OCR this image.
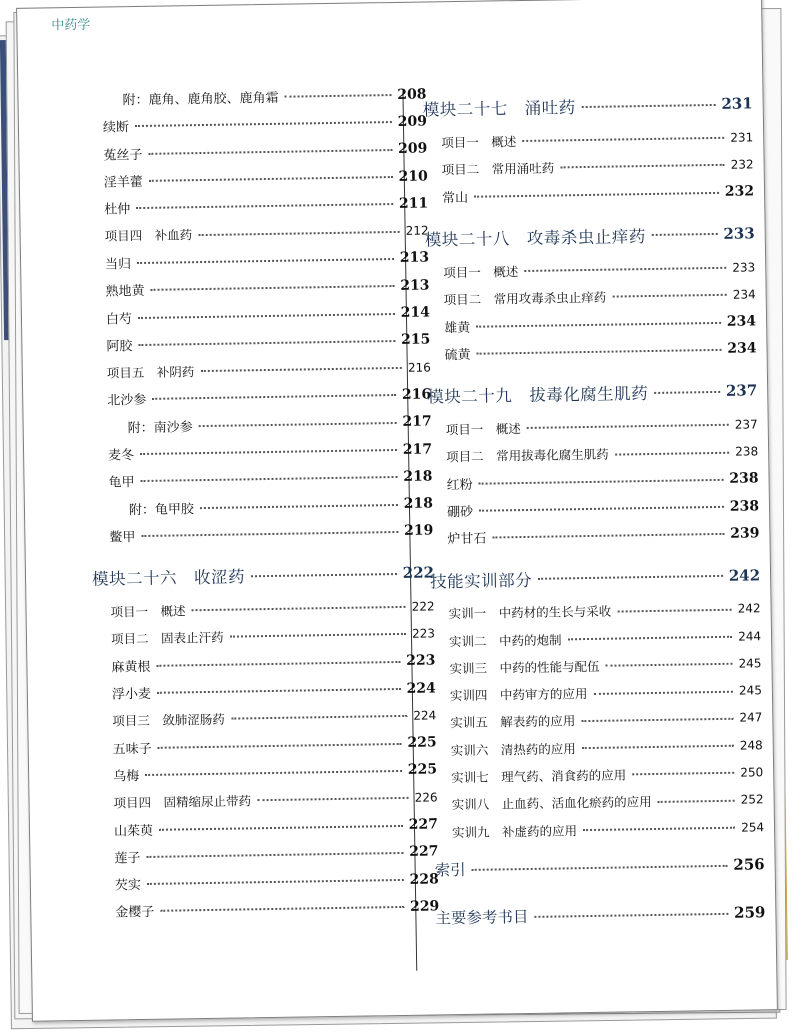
中药学
附：鹿角、鹿角胶、鹿角霜	208
续断	209
菟丝子	209
淫羊藿	210
杜仲	211
项目四　补血药	212
当归	213
熟地黄	213
白芍	214
阿胶	215
项目五　补阴药	216
北沙参	216
附：南沙参	217
麦冬	217
龟甲	218
附：龟甲胶	218
鳖甲	219
模块二十六　收涩药	222
项目一　概述	222
项目二　固表止汗药	223
麻黄根	223
浮小麦	224
项目三　敛肺涩肠药	224
五味子	225
乌梅	225
项目四　固精缩尿止带药	226
山茱萸	227
莲子	227
芡实	228
金樱子	229
模块二十七　涌吐药	231
项目一　概述	231
项目二　常用涌吐药	232
常山	232
模块二十八　攻毒杀虫止痒药	233
项目一　概述	233
项目二　常用攻毒杀虫止痒药	234
雄黄	234
硫黄	234
模块二十九　拔毒化腐生肌药	237
项目一　概述	237
项目二　常用拔毒化腐生肌药	238
红粉	238
硼砂	238
炉甘石	239
技能实训部分	242
实训一　中药材的生长与采收	242
实训二　中药的炮制	244
实训三　中药的性能与配伍	245
实训四　中药审方的应用	245
实训五　解表药的应用	247
实训六　清热药的应用	248
实训七　理气药、消食药的应用	250
实训八　止血药、活血化瘀药的应用	252
实训九　补虚药的应用	254
索引	256
主要参考书目	259
